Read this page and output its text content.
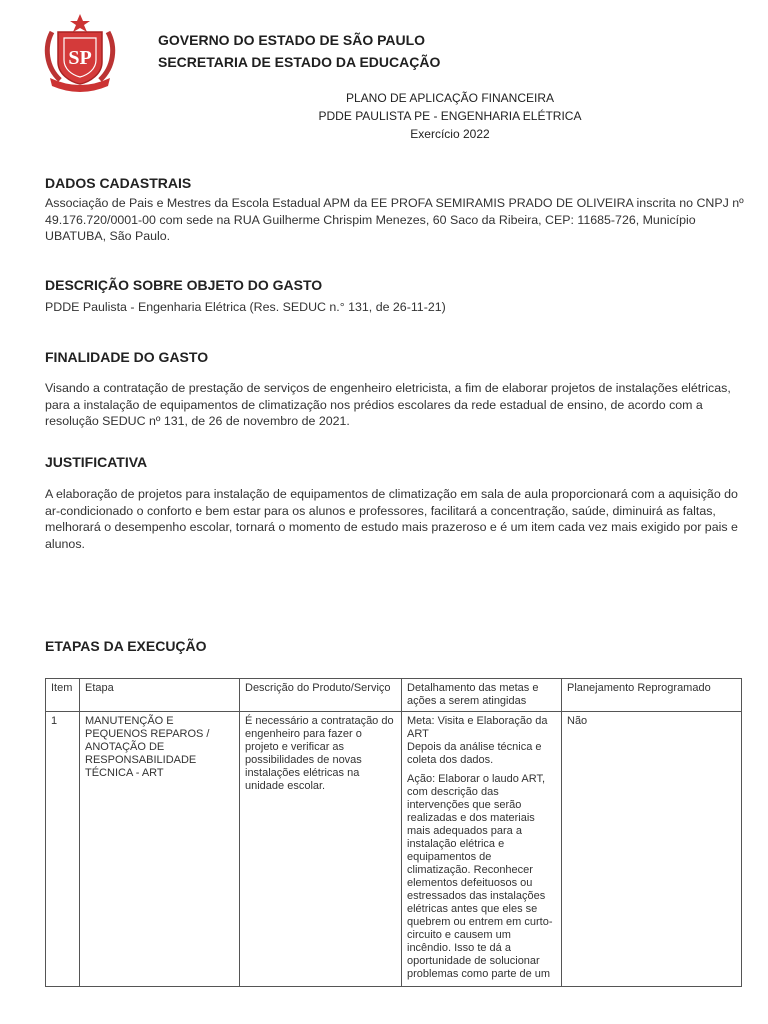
SP
GOVERNO DO ESTADO DE SÃO PAULO
SECRETARIA DE ESTADO DA EDUCAÇÃO
PLANO DE APLICAÇÃO FINANCEIRA
PDDE PAULISTA PE - ENGENHARIA ELÉTRICA
Exercício 2022
DADOS CADASTRAIS
Associação de Pais e Mestres da Escola Estadual APM da EE PROFA SEMIRAMIS PRADO DE OLIVEIRA inscrita no CNPJ nº 49.176.720/0001-00 com sede na RUA Guilherme Chrispim Menezes, 60 Saco da Ribeira, CEP: 11685-726, Município UBATUBA, São Paulo.
DESCRIÇÃO SOBRE OBJETO DO GASTO
PDDE Paulista - Engenharia Elétrica (Res. SEDUC n.° 131, de 26-11-21)
FINALIDADE DO GASTO
Visando a contratação de prestação de serviços de engenheiro eletricista, a fim de elaborar projetos de instalações elétricas, para a instalação de equipamentos de climatização nos prédios escolares da rede estadual de ensino, de acordo com a resolução SEDUC nº 131, de 26 de novembro de 2021.
JUSTIFICATIVA
A elaboração de projetos para instalação de equipamentos de climatização em sala de aula proporcionará com a aquisição do ar-condicionado o conforto e bem estar para os alunos e professores, facilitará a concentração, saúde, diminuirá as faltas, melhorará o desempenho escolar, tornará o momento de estudo mais prazeroso e é um item cada vez mais exigido por pais e alunos.
ETAPAS DA EXECUÇÃO
Item	Etapa	Descrição do Produto/Serviço	Detalhamento das metas e ações a serem atingidas	Planejamento Reprogramado
1	MANUTENÇÃO E PEQUENOS REPAROS / ANOTAÇÃO DE RESPONSABILIDADE TÉCNICA - ART	É necessário a contratação do engenheiro para fazer o projeto e verificar as possibilidades de novas instalações elétricas na unidade escolar.	Meta: Visita e Elaboração da ART
Depois da análise técnica e coleta dos dados.
Ação: Elaborar o laudo ART, com descrição das intervenções que serão realizadas e dos materiais mais adequados para a instalação elétrica e equipamentos de climatização. Reconhecer elementos defeituosos ou estressados das instalações elétricas antes que eles se quebrem ou entrem em curto-circuito e causem um incêndio. Isso te dá a oportunidade de solucionar problemas como parte de um	Não
